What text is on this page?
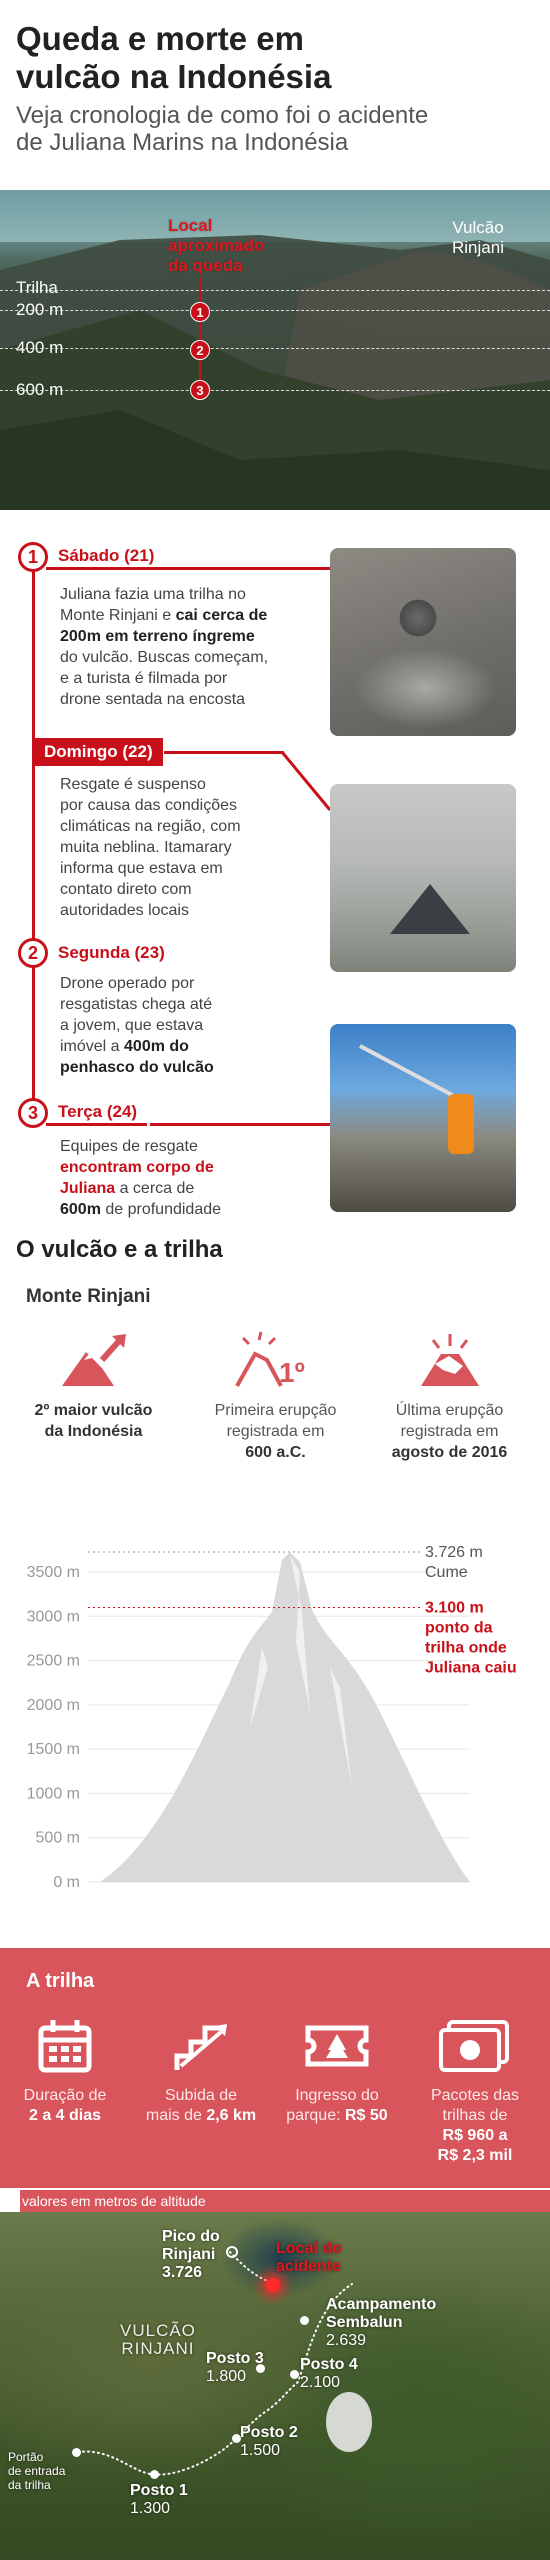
Queda e morte em
vulcão na Indonésia
Veja cronologia de como foi o acidente
de Juliana Marins na Indonésia
Local
aproximado
da queda
Vulcão
Rinjani
Trilha
200 m
400 m
600 m
1
2
3
1	Sábado (21)
Juliana fazia uma trilha no
Monte Rinjani e cai cerca de
200m em terreno íngreme
do vulcão. Buscas começam,
e a turista é filmada por
drone sentada na encosta
Domingo (22)
Resgate é suspenso
por causa das condições
climáticas na região, com
muita neblina. Itamarary
informa que estava em
contato direto com
autoridades locais
2	Segunda (23)
Drone operado por
resgatistas chega até
a jovem, que estava
imóvel a 400m do
penhasco do vulcão
3	Terça (24)
Equipes de resgate
encontram corpo de
Juliana a cerca de
600m de profundidade
O vulcão e a trilha
Monte Rinjani
2º maior vulcão
da Indonésia
1º
Primeira erupção
registrada em
600 a.C.
Última erupção
registrada em
agosto de 2016
3500 m
3000 m
2500 m
2000 m
1500 m
1000 m
500 m
0 m
3.726 m
Cume
3.100 m
ponto da
trilha onde
Juliana caiu
A trilha
Duração de
2 a 4 dias
Subida de
mais de 2,6 km
Ingresso do
parque: R$ 50
Pacotes das
trilhas de
R$ 960 a
R$ 2,3 mil
valores em metros de altitude
Pico do
Rinjani
3.726
Local do
acidente
Acampamento
Sembalun
2.639
VULCÃO
RINJANI
Posto 3
1.800
Posto 4
2.100
Posto 2
1.500
Posto 1
1.300
Portão
de entrada
da trilha
